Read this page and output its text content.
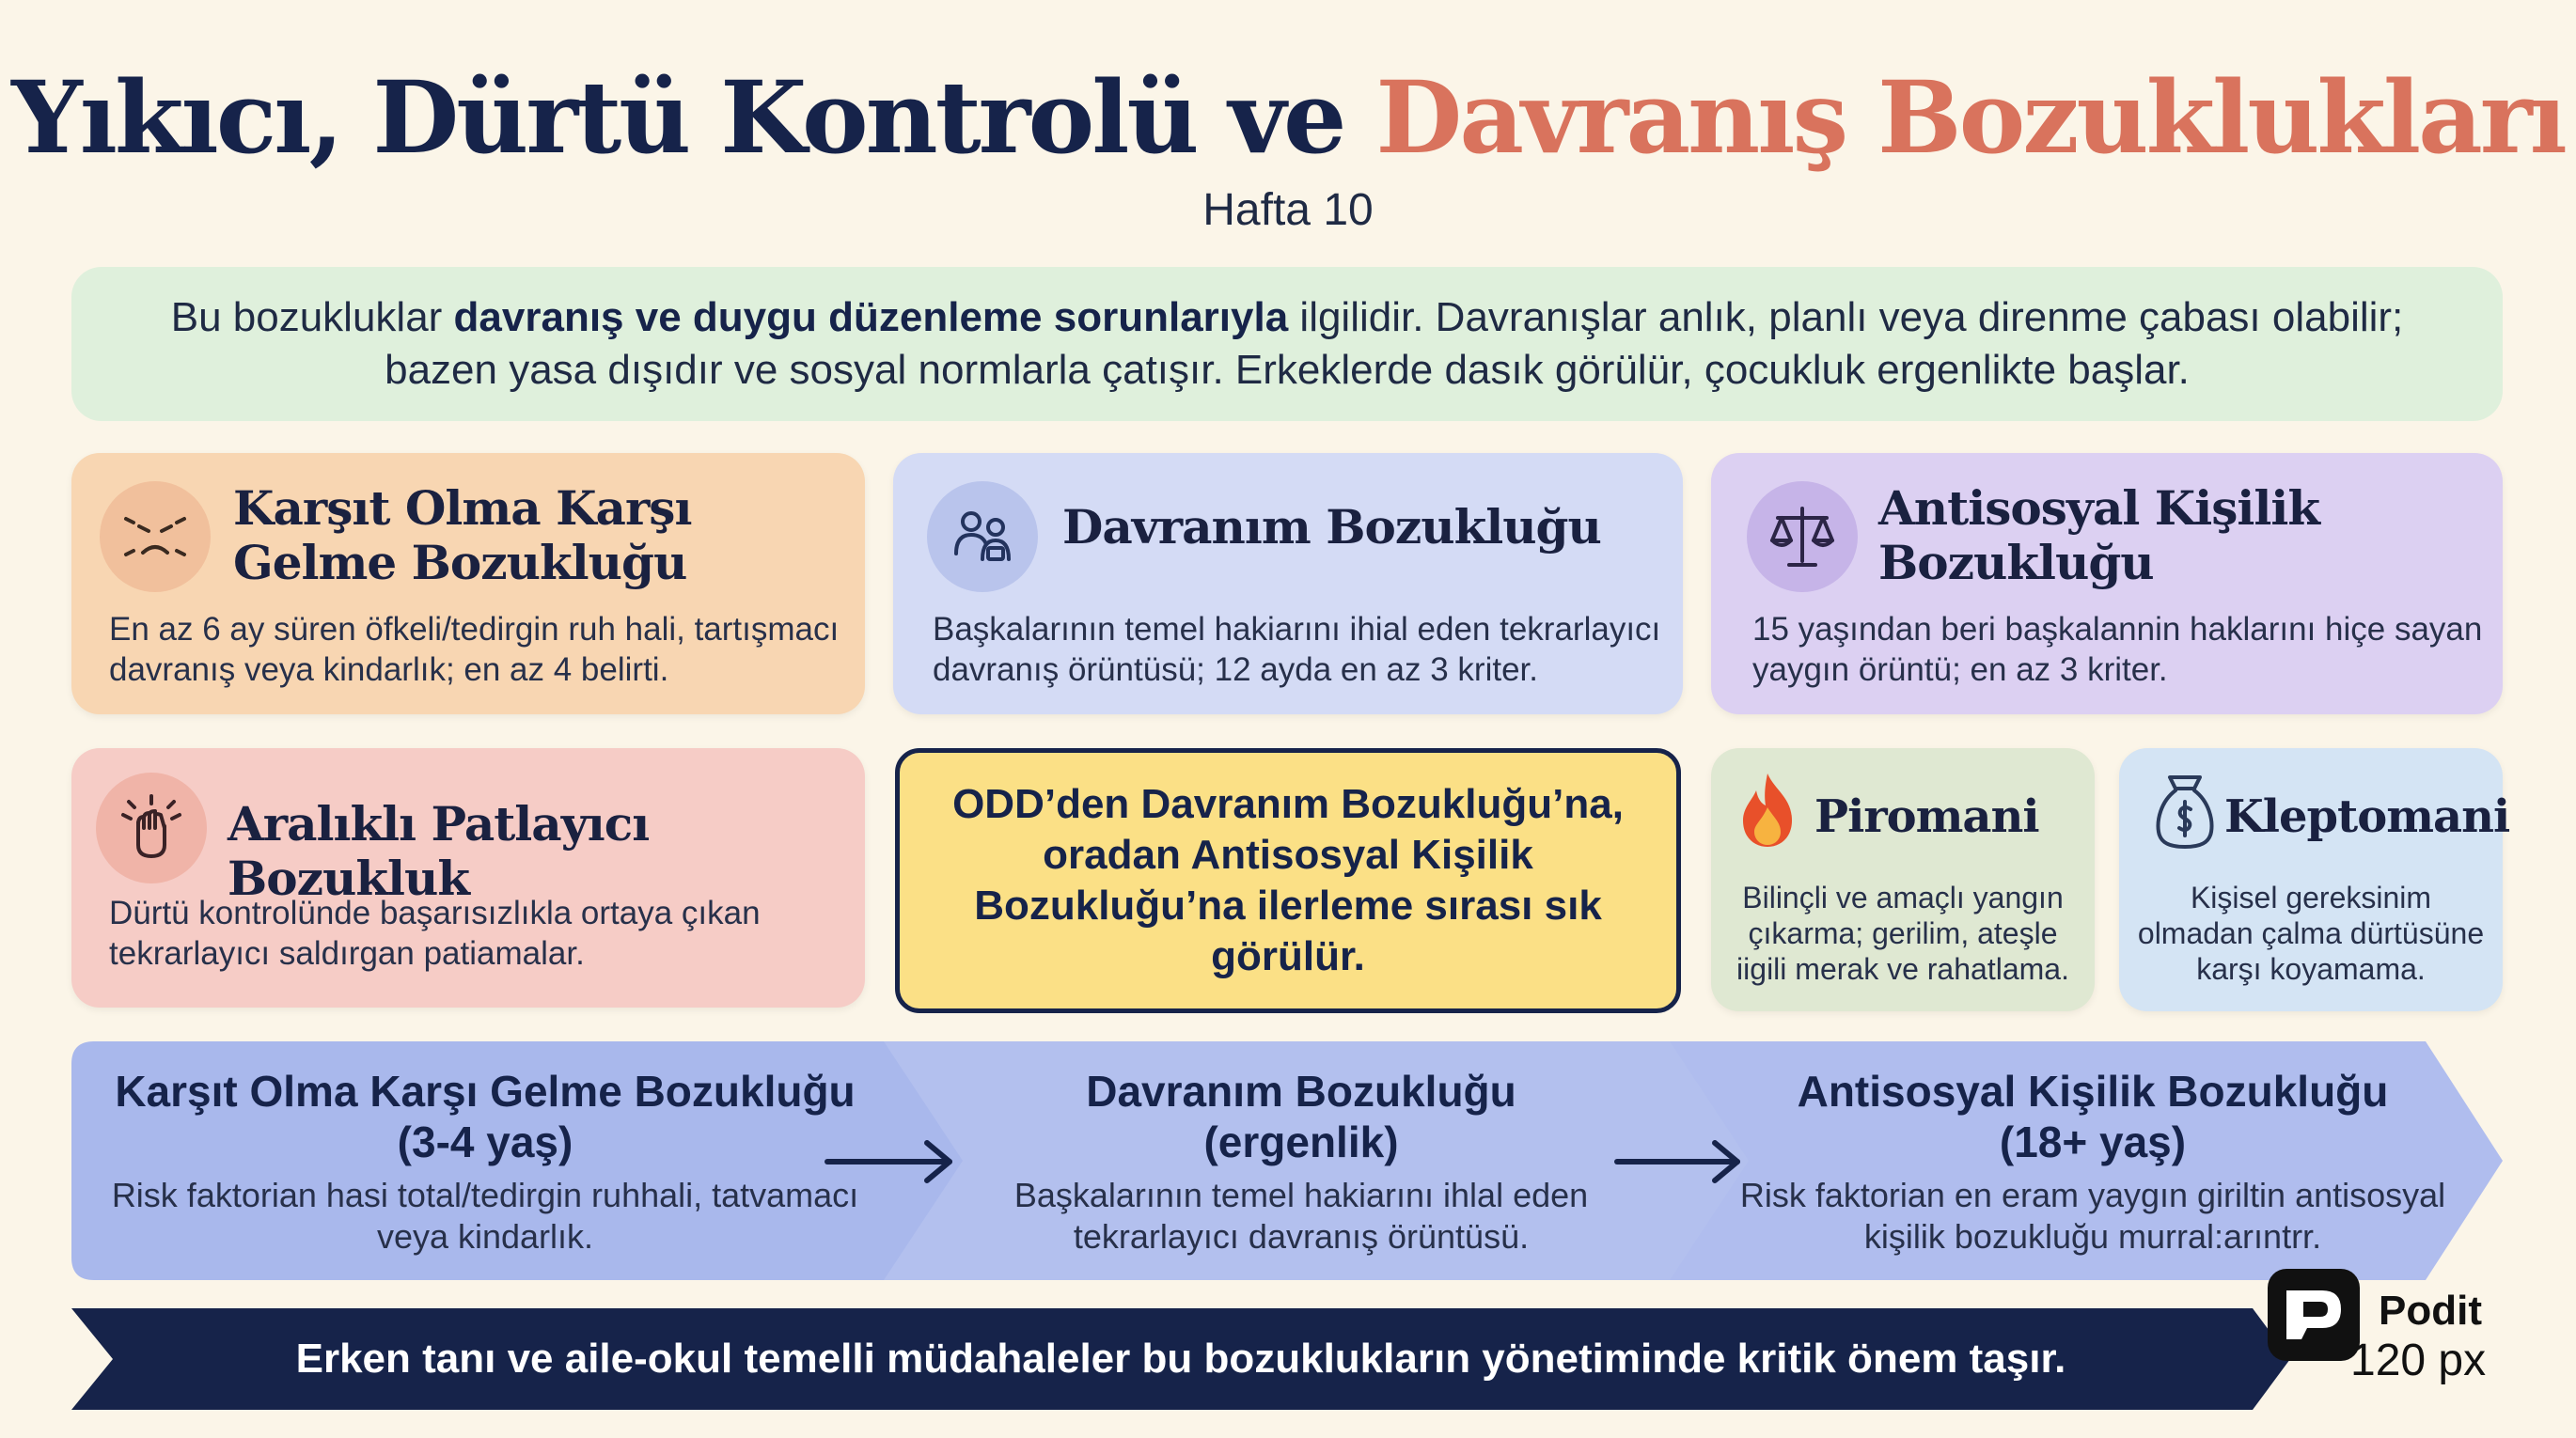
Yıkıcı, Dürtü Kontrolü ve Davranış Bozuklukları
Hafta 10

Bu bozukluklar davranış ve duygu düzenleme sorunlarıyla ilgilidir. Davranışlar anlık, planlı veya direnme çabası olabilir; bazen yasa dışıdır ve sosyal normlarla çatışır. Erkeklerde dasık görülür, çocukluk ergenlikte başlar.

Karşıt Olma Karşı Gelme Bozukluğu
En az 6 ay süren öfkeli/tedirgin ruh hali, tartışmacı davranış veya kindarlık; en az 4 belirti.
Davranım Bozukluğu
Başkalarının temel hakiarını ihial eden tekrarlayıcı davranış örüntüsü; 12 ayda en az 3 kriter.
Antisosyal Kişilik Bozukluğu
15 yaşından beri başkalannin haklarını hiçe sayan yaygın örüntü; en az 3 kriter.
Aralıklı Patlayıcı Bozukluk
Dürtü kontrolünde başarısızlıkla ortaya çıkan tekrarlayıcı saldırgan patiamalar.
ODD’den Davranım Bozukluğu’na, oradan Antisosyal Kişilik Bozukluğu’na ilerleme sırası sık görülür.
Piromani
Bilinçli ve amaçlı yangın çıkarma; gerilim, ateşle iigili merak ve rahatlama.
Kleptomani
Kişisel gereksinim olmadan çalma dürtüsüne karşı koyamama.
Karşıt Olma Karşı Gelme Bozukluğu (3-4 yaş)
Risk faktorian hasi total/tedirgin ruhhali, tatvamacı veya kindarlık.
Davranım Bozukluğu (ergenlik)
Başkalarının temel hakiarını ihlal eden tekrarlayıcı davranış örüntüsü.
Antisosyal Kişilik Bozukluğu (18+ yaş)
Risk faktorian en eram yaygın giriltin antisosyal kişilik bozukluğu murral:arıntrr.
Erken tanı ve aile-okul temelli müdahaleler bu bozuklukların yönetiminde kritik önem taşır.
Podit
120 px
